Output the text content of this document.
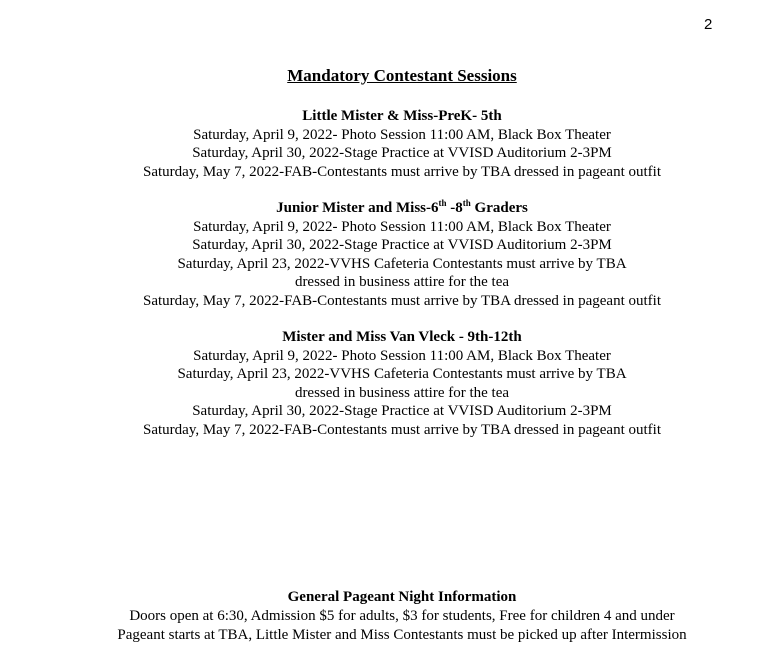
2
Mandatory Contestant Sessions
Little Mister & Miss-PreK- 5th
Saturday, April 9, 2022- Photo Session 11:00 AM, Black Box Theater
Saturday, April 30, 2022-Stage Practice at VVISD Auditorium 2-3PM
Saturday, May 7, 2022-FAB-Contestants must arrive by TBA dressed in pageant outfit
Junior Mister and Miss-6th -8th Graders
Saturday, April 9, 2022- Photo Session 11:00 AM, Black Box Theater
Saturday, April 30, 2022-Stage Practice at VVISD Auditorium 2-3PM
Saturday, April 23, 2022-VVHS Cafeteria Contestants must arrive by TBA
dressed in business attire for the tea
Saturday, May 7, 2022-FAB-Contestants must arrive by TBA dressed in pageant outfit
Mister and Miss Van Vleck - 9th-12th
Saturday, April 9, 2022- Photo Session 11:00 AM, Black Box Theater
Saturday, April 23, 2022-VVHS Cafeteria Contestants must arrive by TBA
dressed in business attire for the tea
Saturday, April 30, 2022-Stage Practice at VVISD Auditorium 2-3PM
Saturday, May 7, 2022-FAB-Contestants must arrive by TBA dressed in pageant outfit
General Pageant Night Information
Doors open at 6:30, Admission $5 for adults, $3 for students, Free for children 4 and under
Pageant starts at TBA, Little Mister and Miss Contestants must be picked up after Intermission
